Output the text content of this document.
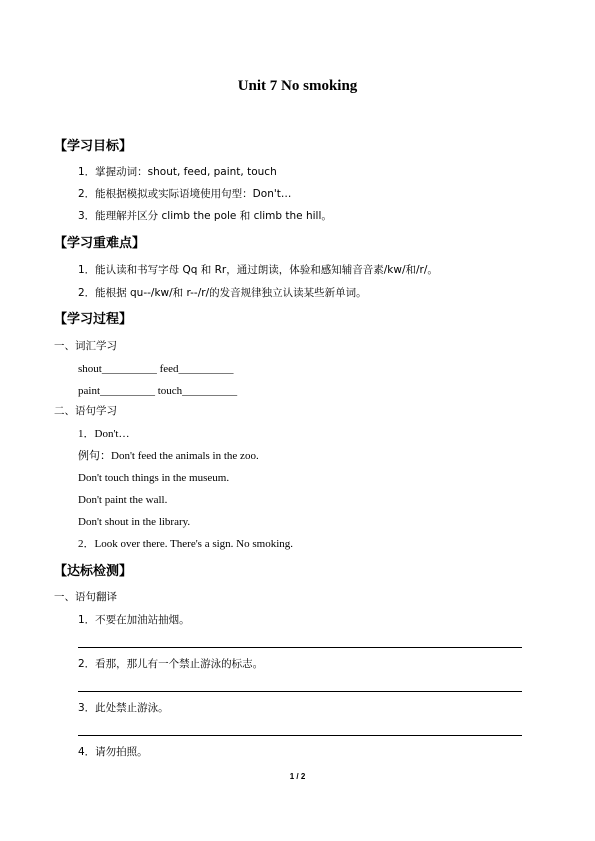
Unit 7 No smoking
【学习目标】
1．掌握动词：shout, feed, paint, touch
2．能根据模拟或实际语境使用句型：Don't…
3．能理解并区分 climb the pole 和 climb the hill。
【学习重难点】
1．能认读和书写字母 Qq 和 Rr，通过朗读，体验和感知辅音音素/kw/和/r/。
2．能根据 qu--/kw/和 r--/r/的发音规律独立认读某些新单词。
【学习过程】
一、词汇学习
shout__________ feed__________
paint__________ touch__________
二、语句学习
1．Don't…
例句：Don't feed the animals in the zoo.
Don't touch things in the museum.
Don't paint the wall.
Don't shout in the library.
2．Look over there. There's a sign. No smoking.
【达标检测】
一、语句翻译
1．不要在加油站抽烟。
2．看那，那儿有一个禁止游泳的标志。
3．此处禁止游泳。
4．请勿拍照。
1 / 2
